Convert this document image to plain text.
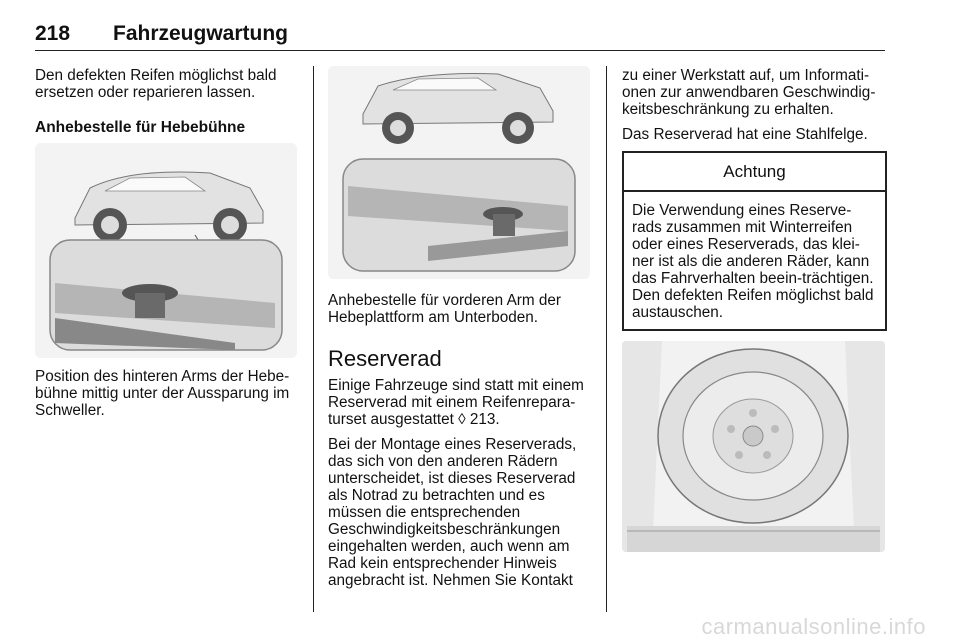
218 Fahrzeugwartung
Den defekten Reifen möglichst bald ersetzen oder reparieren lassen.
Anhebestelle für Hebebühne
Position des hinteren Arms der Hebe-bühne mittig unter der Aussparung im Schweller.
Anhebestelle für vorderen Arm der Hebeplattform am Unterboden.
Reserverad

Einige Fahrzeuge sind statt mit einem Reserverad mit einem Reifenrepara-turset ausgestattet ◊ 213.

Bei der Montage eines Reserverads, das sich von den anderen Rädern unterscheidet, ist dieses Reserverad als Notrad zu betrachten und es müssen die entsprechenden Geschwindigkeitsbeschränkungen eingehalten werden, auch wenn am Rad kein entsprechender Hinweis angebracht ist. Nehmen Sie Kontakt

zu einer Werkstatt auf, um Informati-onen zur anwendbaren Geschwindig-keitsbeschränkung zu erhalten.

Das Reserverad hat eine Stahlfelge.

Achtung
Die Verwendung eines Reserve-rads zusammen mit Winterreifen oder eines Reserverads, das klei-ner ist als die anderen Räder, kann das Fahrverhalten beein-trächtigen. Den defekten Reifen möglichst bald austauschen.
carmanualsonline.info
